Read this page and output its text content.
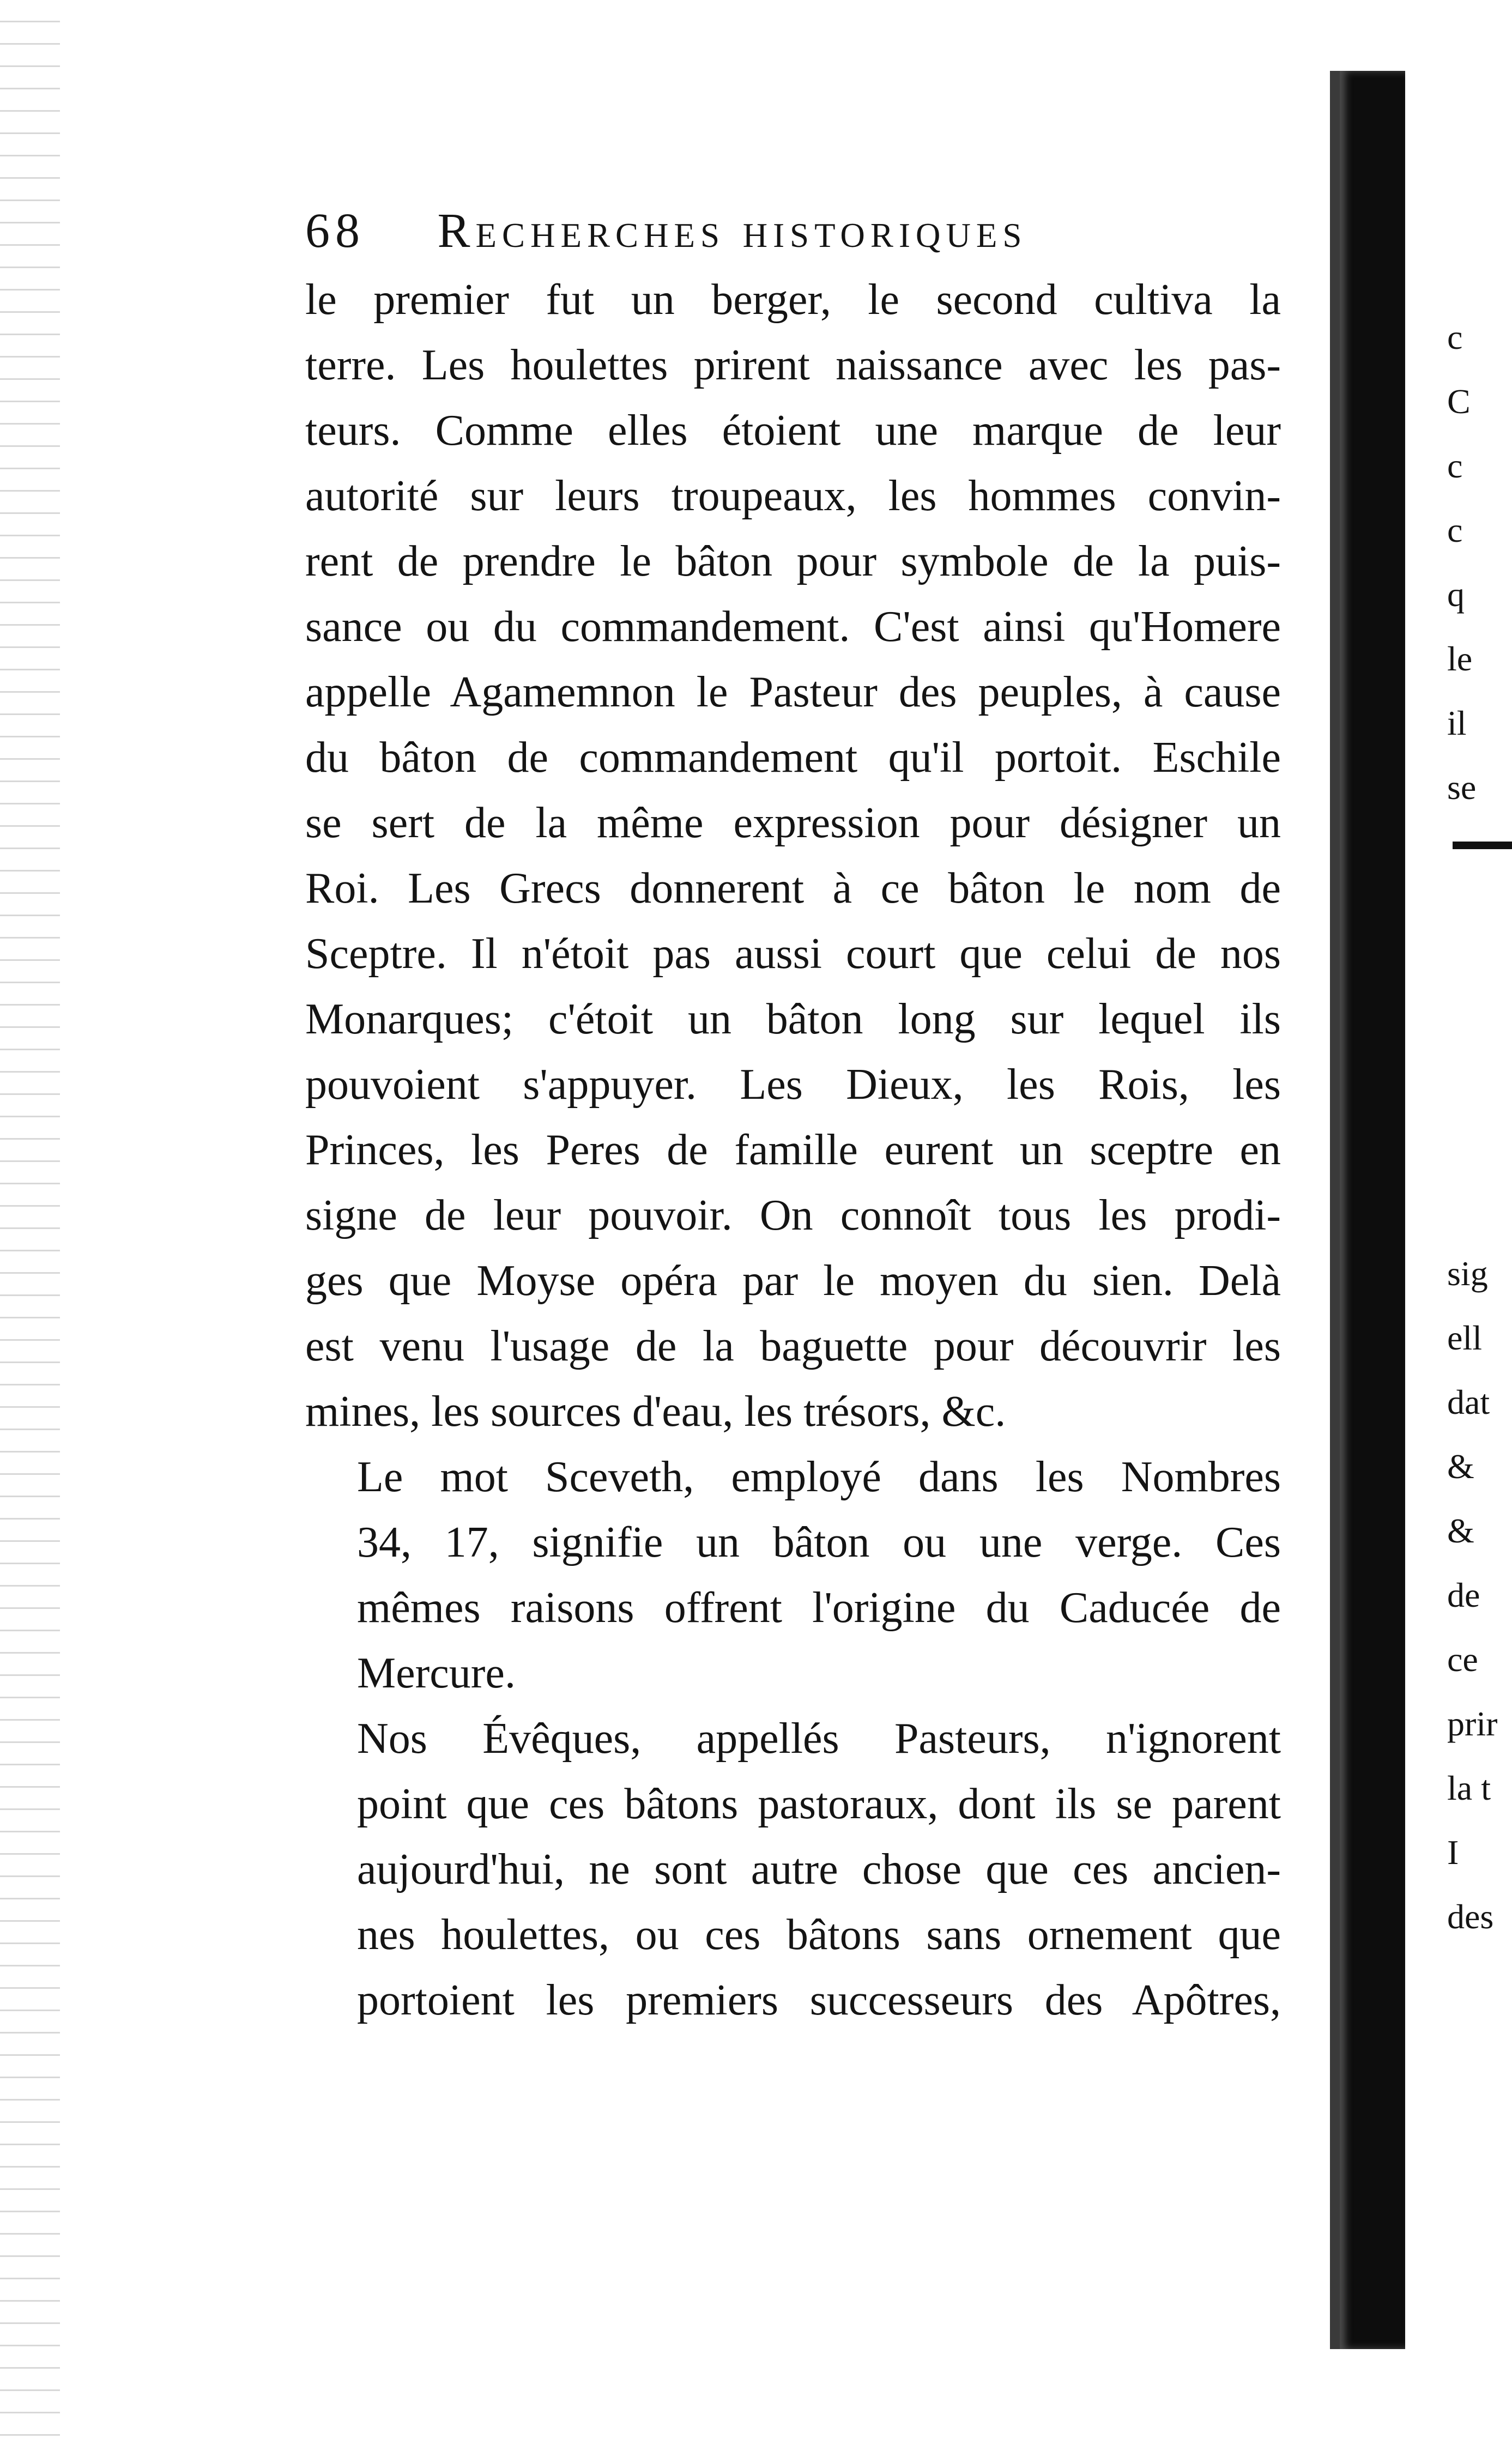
68 Recherches historiques

le premier fut un berger, le second cultiva la
terre. Les houlettes prirent naissance avec les pas-
teurs. Comme elles étoient une marque de leur
autorité sur leurs troupeaux, les hommes convin-
rent de prendre le bâton pour symbole de la puis-
sance ou du commandement. C'est ainsi qu'Homere
appelle Agamemnon le Pasteur des peuples, à cause
du bâton de commandement qu'il portoit. Eschile
se sert de la même expression pour désigner un
Roi. Les Grecs donnerent à ce bâton le nom de
Sceptre. Il n'étoit pas aussi court que celui de nos
Monarques; c'étoit un bâton long sur lequel ils
pouvoient s'appuyer. Les Dieux, les Rois, les
Princes, les Peres de famille eurent un sceptre en
signe de leur pouvoir. On connoît tous les prodi-
ges que Moyse opéra par le moyen du sien. Delà
est venu l'usage de la baguette pour découvrir les
mines, les sources d'eau, les trésors, &c.

Le mot Sceveth, employé dans les Nombres
34, 17, signifie un bâton ou une verge. Ces
mêmes raisons offrent l'origine du Caducée de
Mercure.

Nos Évêques, appellés Pasteurs, n'ignorent
point que ces bâtons pastoraux, dont ils se parent
aujourd'hui, ne sont autre chose que ces ancien-
nes houlettes, ou ces bâtons sans ornement que
portoient les premiers successeurs des Apôtres,

c
C
c
c
q
le
il
se
sig
ell
dat
&
&
de
ce
prir
la t
I
des
